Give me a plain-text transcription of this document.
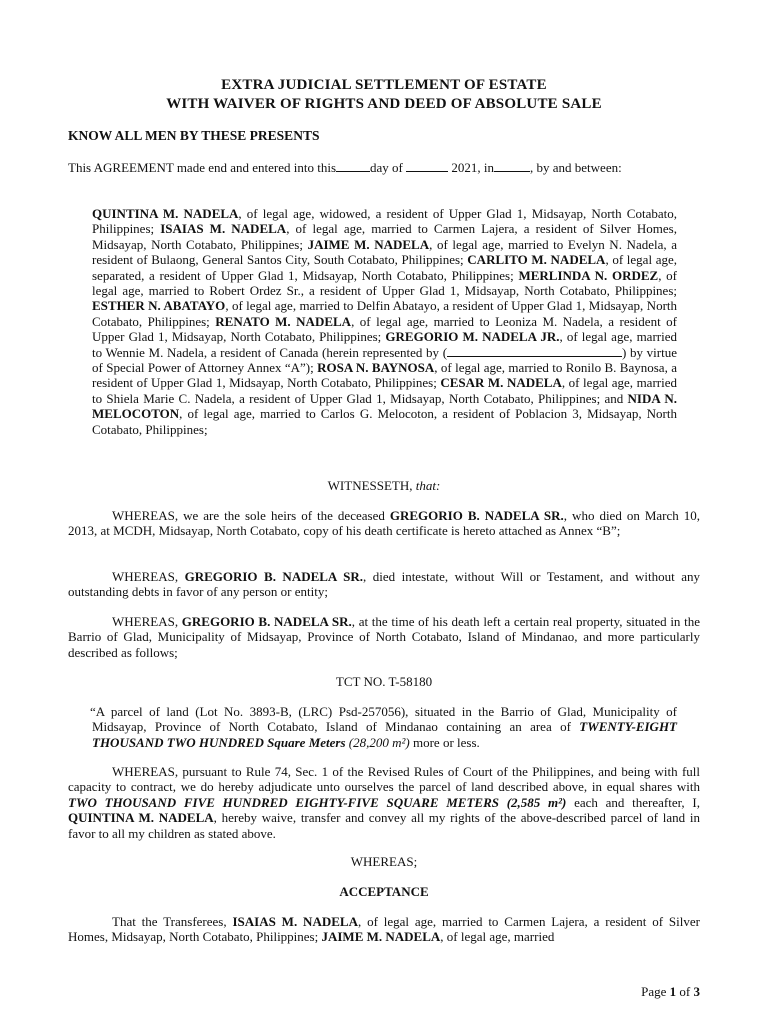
EXTRA JUDICIAL SETTLEMENT OF ESTATE
WITH WAIVER OF RIGHTS AND DEED OF ABSOLUTE SALE
KNOW ALL MEN BY THESE PRESENTS
This AGREEMENT made end and entered into this	day of	2021, in	, by and between:
QUINTINA M. NADELA, of legal age, widowed, a resident of Upper Glad 1, Midsayap, North Cotabato, Philippines; ISAIAS M. NADELA, of legal age, married to Carmen Lajera, a resident of Silver Homes, Midsayap, North Cotabato, Philippines; JAIME M. NADELA, of legal age, married to Evelyn N. Nadela, a resident of Bulaong, General Santos City, South Cotabato, Philippines; CARLITO M. NADELA, of legal age, separated, a resident of Upper Glad 1, Midsayap, North Cotabato, Philippines; MERLINDA N. ORDEZ, of legal age, married to Robert Ordez Sr., a resident of Upper Glad 1, Midsayap, North Cotabato, Philippines; ESTHER N. ABATAYO, of legal age, married to Delfin Abatayo, a resident of Upper Glad 1, Midsayap, North Cotabato, Philippines; RENATO M. NADELA, of legal age, married to Leoniza M. Nadela, a resident of Upper Glad 1, Midsayap, North Cotabato, Philippines; GREGORIO M. NADELA JR., of legal age, married to Wennie M. Nadela, a resident of Canada (herein represented by (	) by virtue of Special Power of Attorney Annex “A”); ROSA N. BAYNOSA, of legal age, married to Ronilo B. Baynosa, a resident of Upper Glad 1, Midsayap, North Cotabato, Philippines; CESAR M. NADELA, of legal age, married to Shiela Marie C. Nadela, a resident of Upper Glad 1, Midsayap, North Cotabato, Philippines; and NIDA N. MELOCOTON, of legal age, married to Carlos G. Melocoton, a resident of Poblacion 3, Midsayap, North Cotabato, Philippines;
WITNESSETH, that:
WHEREAS, we are the sole heirs of the deceased GREGORIO B. NADELA SR., who died on March 10, 2013, at MCDH, Midsayap, North Cotabato, copy of his death certificate is hereto attached as Annex “B”;
WHEREAS, GREGORIO B. NADELA SR., died intestate, without Will or Testament, and without any outstanding debts in favor of any person or entity;
WHEREAS, GREGORIO B. NADELA SR., at the time of his death left a certain real property, situated in the Barrio of Glad, Municipality of Midsayap, Province of North Cotabato, Island of Mindanao, and more particularly described as follows;
TCT NO. T-58180
“A parcel of land (Lot No. 3893-B, (LRC) Psd-257056), situated in the Barrio of Glad, Municipality of Midsayap, Province of North Cotabato, Island of Mindanao containing an area of TWENTY-EIGHT THOUSAND TWO HUNDRED Square Meters (28,200 m²) more or less.
WHEREAS, pursuant to Rule 74, Sec. 1 of the Revised Rules of Court of the Philippines, and being with full capacity to contract, we do hereby adjudicate unto ourselves the parcel of land described above, in equal shares with TWO THOUSAND FIVE HUNDRED EIGHTY-FIVE SQUARE METERS (2,585 m²) each and thereafter, I, QUINTINA M. NADELA, hereby waive, transfer and convey all my rights of the above-described parcel of land in favor to all my children as stated above.
WHEREAS;
ACCEPTANCE
That the Transferees, ISAIAS M. NADELA, of legal age, married to Carmen Lajera, a resident of Silver Homes, Midsayap, North Cotabato, Philippines; JAIME M. NADELA, of legal age, married
Page 1 of 3
